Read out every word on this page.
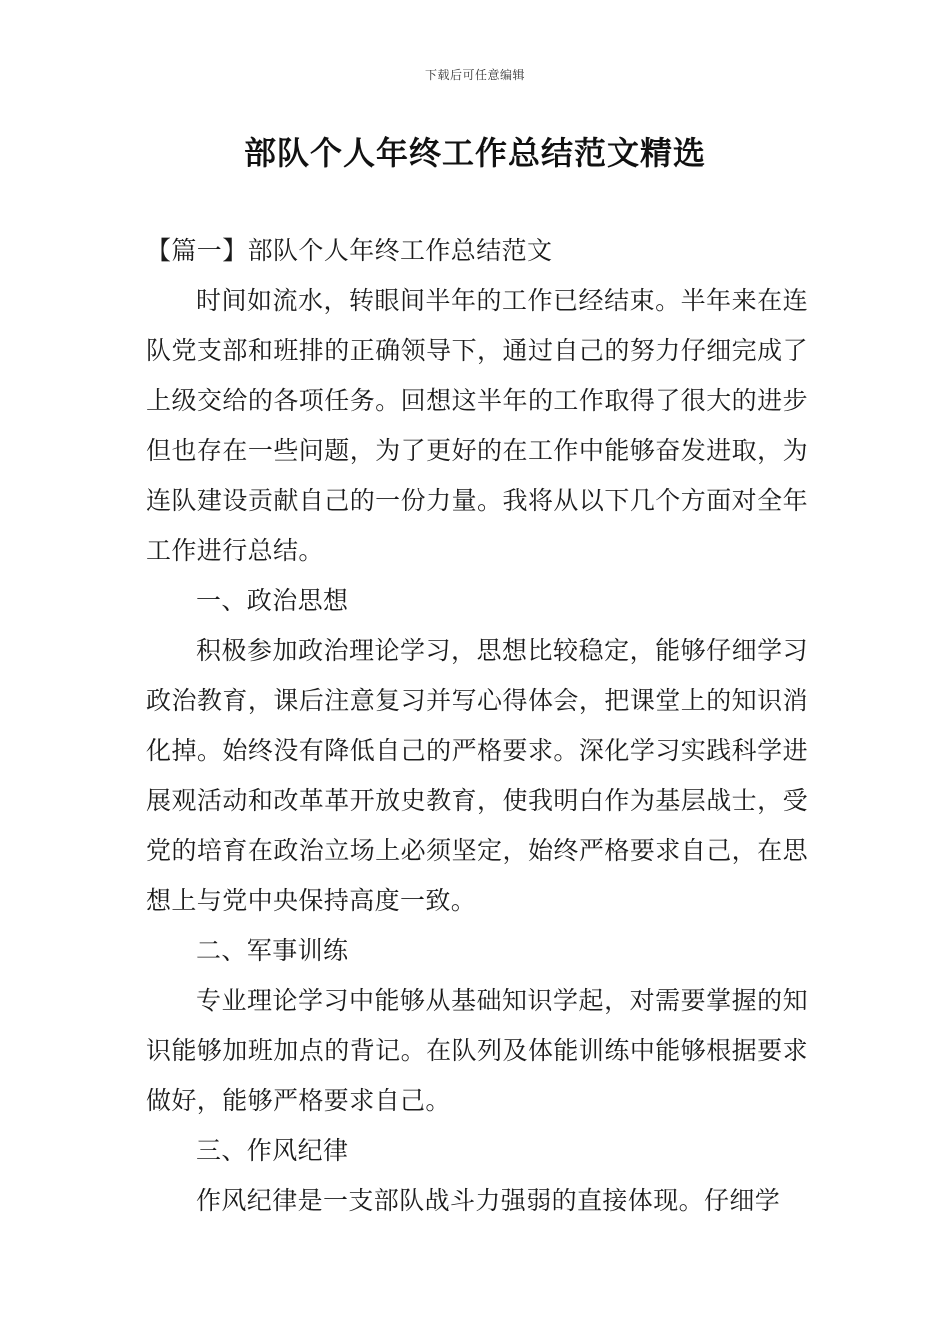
下载后可任意编辑
部队个人年终工作总结范文精选

【篇一】部队个人年终工作总结范文

时间如流水，转眼间半年的工作已经结束。半年来在连队党支部和班排的正确领导下，通过自己的努力仔细完成了上级交给的各项任务。回想这半年的工作取得了很大的进步但也存在一些问题，为了更好的在工作中能够奋发进取，为连队建设贡献自己的一份力量。我将从以下几个方面对全年工作进行总结。

一、政治思想

积极参加政治理论学习，思想比较稳定，能够仔细学习政治教育，课后注意复习并写心得体会，把课堂上的知识消化掉。始终没有降低自己的严格要求。深化学习实践科学进展观活动和改革革开放史教育，使我明白作为基层战士，受党的培育在政治立场上必须坚定，始终严格要求自己，在思想上与党中央保持高度一致。

二、军事训练

专业理论学习中能够从基础知识学起，对需要掌握的知识能够加班加点的背记。在队列及体能训练中能够根据要求做好，能够严格要求自己。

三、作风纪律

作风纪律是一支部队战斗力强弱的直接体现。仔细学
